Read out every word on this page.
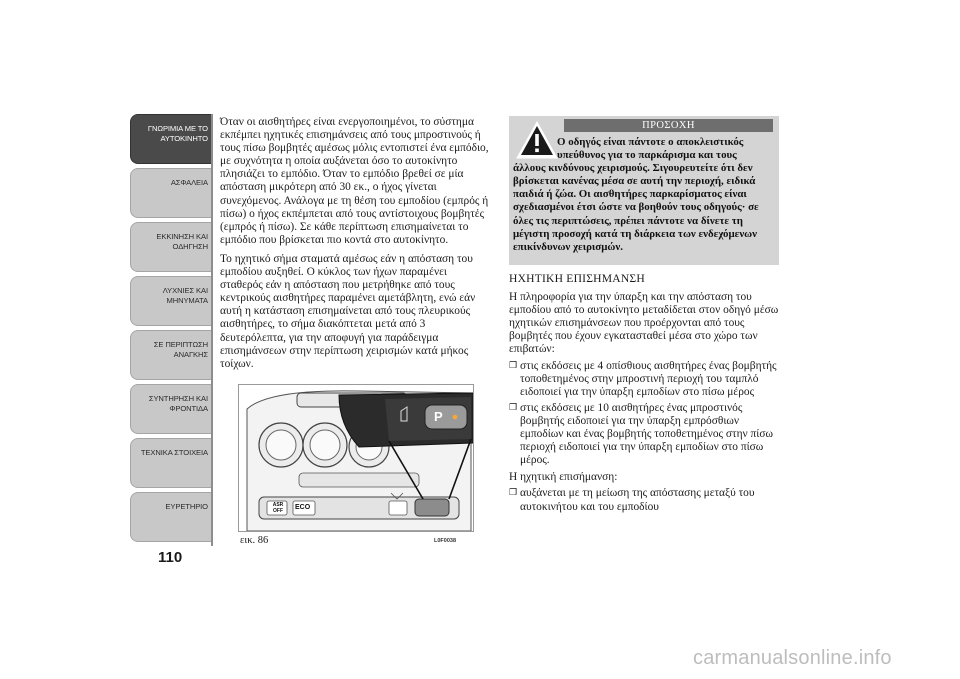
ΓΝΩΡΙΜΙΑ ΜΕ ΤΟ ΑΥΤΟΚΙΝΗΤΟ
ΑΣΦΑΛΕΙΑ
ΕΚΚΙΝΗΣΗ ΚΑΙ ΟΔΗΓΗΣΗ
ΛΥΧΝΙΕΣ ΚΑΙ ΜΗΝΥΜΑΤΑ
ΣΕ ΠΕΡΙΠΤΩΣΗ ΑΝΑΓΚΗΣ
ΣΥΝΤΗΡΗΣΗ ΚΑΙ ΦΡΟΝΤΙΔΑ
ΤΕΧΝΙΚΑ ΣΤΟΙΧΕΙΑ
ΕΥΡΕΤΗΡΙΟ
110

Όταν οι αισθητήρες είναι ενεργοποιημένοι, το σύστημα εκπέμπει ηχητικές επισημάνσεις από τους μπροστινούς ή τους πίσω βομβητές αμέσως μόλις εντοπιστεί ένα εμπόδιο, με συχνότητα η οποία αυξάνεται όσο το αυτοκίνητο πλησιάζει το εμπόδιο. Όταν το εμπόδιο βρεθεί σε μία απόσταση μικρότερη από 30 εκ., ο ήχος γίνεται συνεχόμενος. Ανάλογα με τη θέση του εμποδίου (εμπρός ή πίσω) ο ήχος εκπέμπεται από τους αντίστοιχους βομβητές (εμπρός ή πίσω). Σε κάθε περίπτωση επισημαίνεται το εμπόδιο που βρίσκεται πιο κοντά στο αυτοκίνητο.

Το ηχητικό σήμα σταματά αμέσως εάν η απόσταση του εμποδίου αυξηθεί. Ο κύκλος των ήχων παραμένει σταθερός εάν η απόσταση που μετρήθηκε από τους κεντρικούς αισθητήρες παραμένει αμετάβλητη, ενώ εάν αυτή η κατάσταση επισημαίνεται από τους πλευρικούς αισθητήρες, το σήμα διακόπτεται μετά από 3 δευτερόλεπτα, για την αποφυγή για παράδειγμα επισημάνσεων στην περίπτωση χειρισμών κατά μήκος τοίχων.

P
ASR OFF	ECO
εικ. 86	L0F0038
ΠΡΟΣΟΧΗ
Ο οδηγός είναι πάντοτε ο αποκλειστικός
υπεύθυνος για το παρκάρισμα και τους
άλλους κινδύνους χειρισμούς. Σιγουρευτείτε ότι δεν βρίσκεται κανένας μέσα σε αυτή την περιοχή, ειδικά παιδιά ή ζώα. Οι αισθητήρες παρκαρίσματος είναι σχεδιασμένοι έτσι ώστε να βοηθούν τους οδηγούς· σε όλες τις περιπτώσεις, πρέπει πάντοτε να δίνετε τη μέγιστη προσοχή κατά τη διάρκεια των ενδεχόμενων επικίνδυνων χειρισμών.
ΗΧΗΤΙΚΗ ΕΠΙΣΗΜΑΝΣΗ

Η πληροφορία για την ύπαρξη και την απόσταση του εμποδίου από το αυτοκίνητο μεταδίδεται στον οδηγό μέσω ηχητικών επισημάνσεων που προέρχονται από τους βομβητές που έχουν εγκατασταθεί μέσα στο χώρο των επιβατών:

❒ στις εκδόσεις με 4 οπίσθιους αισθητήρες ένας βομβητής τοποθετημένος στην μπροστινή περιοχή του ταμπλό ειδοποιεί για την ύπαρξη εμποδίων στο πίσω μέρος
❒ στις εκδόσεις με 10 αισθητήρες ένας μπροστινός βομβητής ειδοποιεί για την ύπαρξη εμπρόσθιων εμποδίων και ένας βομβητής τοποθετημένος στην πίσω περιοχή ειδοποιεί για την ύπαρξη εμποδίων στο πίσω μέρος.

Η ηχητική επισήμανση:

❒ αυξάνεται με τη μείωση της απόστασης μεταξύ του αυτοκινήτου και του εμποδίου
carmanualsonline.info
